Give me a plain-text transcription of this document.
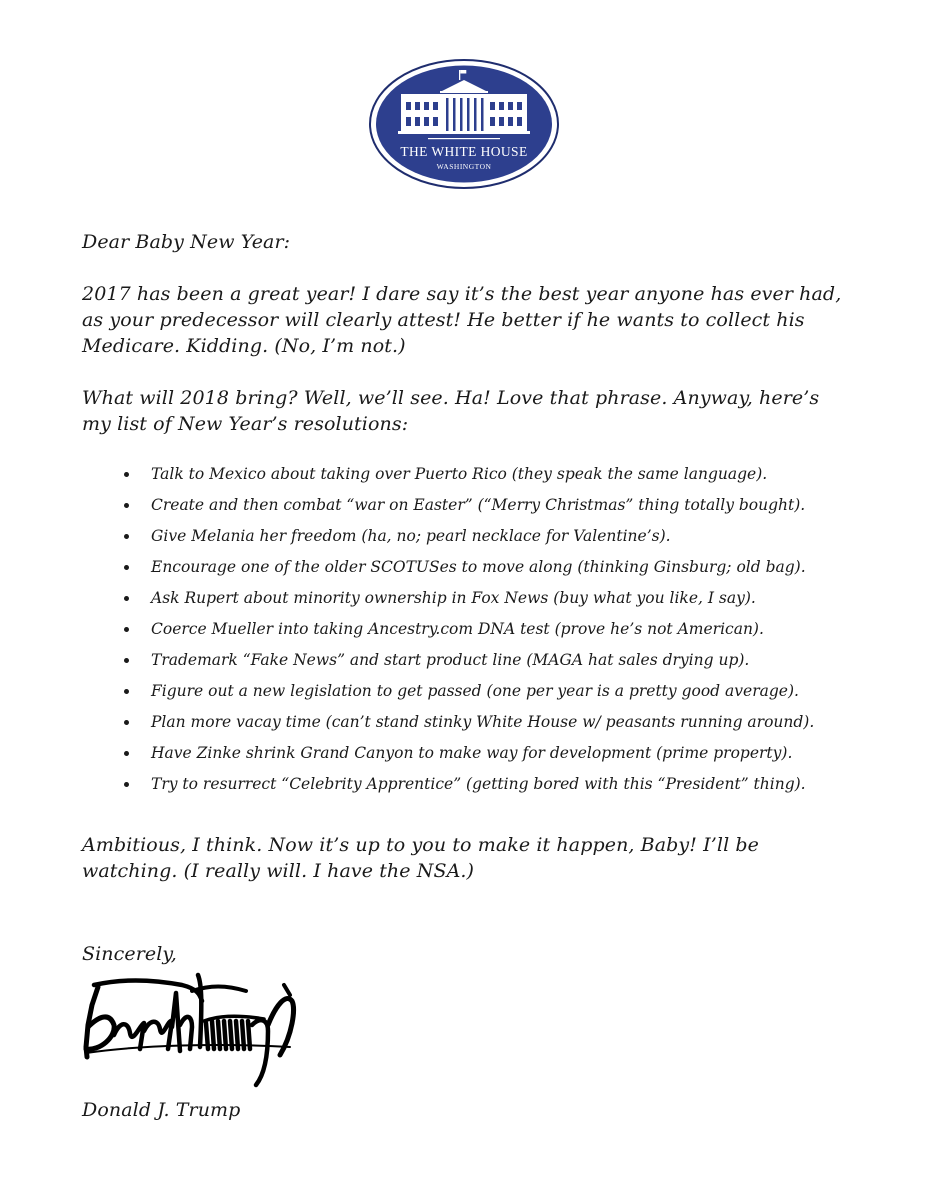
THE WHITE HOUSE
WASHINGTON

Dear Baby New Year:

2017 has been a great year! I dare say it’s the best year anyone has ever had,
as your predecessor will clearly attest! He better if he wants to collect his
Medicare. Kidding. (No, I’m not.)

What will 2018 bring? Well, we’ll see. Ha! Love that phrase. Anyway, here’s
my list of New Year’s resolutions:

Talk to Mexico about taking over Puerto Rico (they speak the same language).
Create and then combat “war on Easter” (“Merry Christmas” thing totally bought).
Give Melania her freedom (ha, no; pearl necklace for Valentine’s).
Encourage one of the older SCOTUSes to move along (thinking Ginsburg; old bag).
Ask Rupert about minority ownership in Fox News (buy what you like, I say).
Coerce Mueller into taking Ancestry.com DNA test (prove he’s not American).
Trademark “Fake News” and start product line (MAGA hat sales drying up).
Figure out a new legislation to get passed (one per year is a pretty good average).
Plan more vacay time (can’t stand stinky White House w/ peasants running around).
Have Zinke shrink Grand Canyon to make way for development (prime property).
Try to resurrect “Celebrity Apprentice” (getting bored with this “President” thing).

Ambitious, I think. Now it’s up to you to make it happen, Baby! I’ll be
watching. (I really will. I have the NSA.)

Sincerely,

Donald J. Trump
